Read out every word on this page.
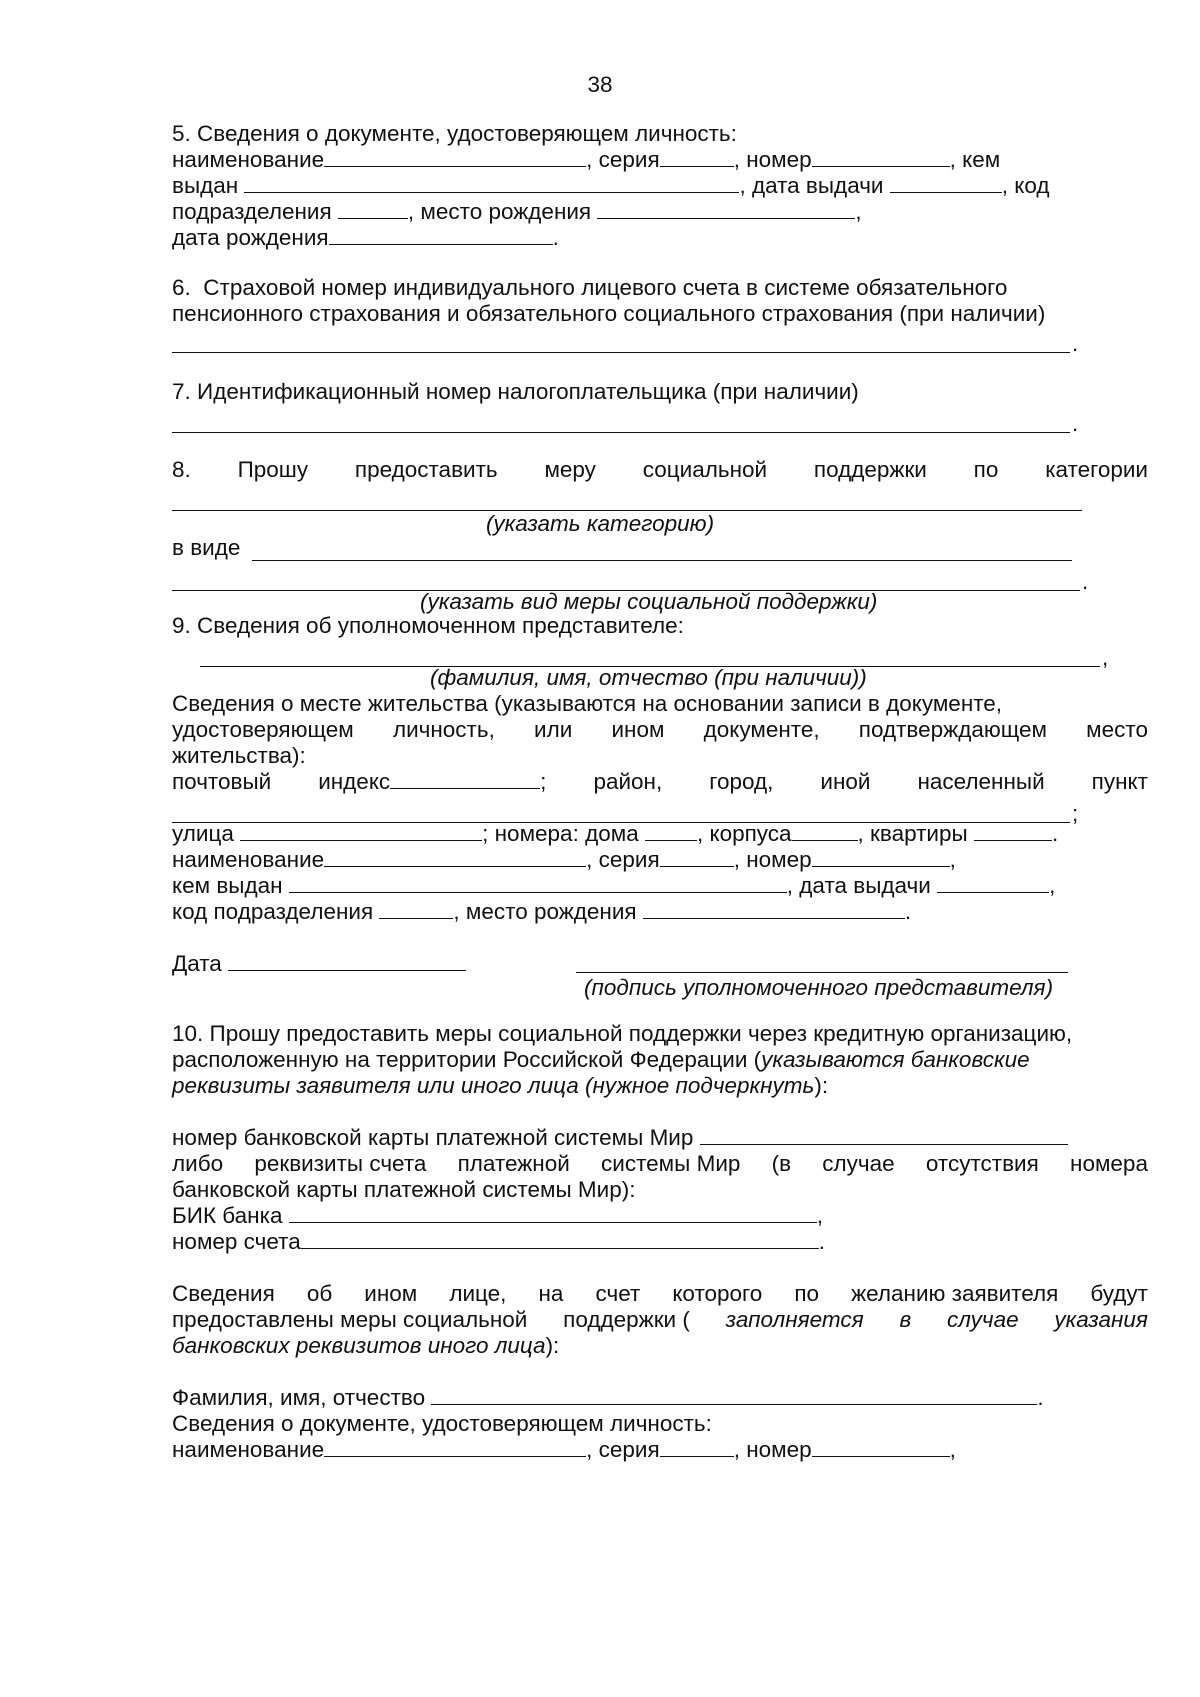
38
5. Сведения о документе, удостоверяющем личность:
наименование	, серия	, номер	, кем
выдан	, дата выдачи	, код
подразделения	, место рождения	,
дата рождения	.
6.  Страховой номер индивидуального лицевого счета в системе обязательного
пенсионного страхования и обязательного социального страхования (при наличии)
.
7. Идентификационный номер налогоплательщика (при наличии)
.
8. Прошу предоставить меру социальной поддержки по категории
(указать категорию)
в виде
.
(указать вид меры социальной поддержки)
9. Сведения об уполномоченном представителе:
,
(фамилия, имя, отчество (при наличии))
Сведения о месте жительства (указываются на основании записи в документе,
удостоверяющем личность, или ином документе, подтверждающем место
жительства):
почтовый индекс	; район, город, иной населенный пункт
;
улица	; номера: дома	, корпуса	, квартиры	.
наименование	, серия	, номер	,
кем выдан	, дата выдачи	,
код подразделения	, место рождения	.
Дата
(подпись уполномоченного представителя)
10. Прошу предоставить меры социальной поддержки через кредитную организацию,
расположенную на территории Российской Федерации (указываются банковские
реквизиты заявителя или иного лица (нужное подчеркнуть):
номер банковской карты платежной системы Мир
либо реквизиты счета платежной системы Мир (в случае отсутствия номера
банковской карты платежной системы Мир):
БИК банка	,
номер счета	.
Сведения об ином лице, на счет которого по желанию заявителя будут
предоставлены меры социальной поддержки ( заполняется в случае указания
банковских реквизитов иного лица):
Фамилия, имя, отчество	.
Сведения о документе, удостоверяющем личность:
наименование	, серия	, номер	,
